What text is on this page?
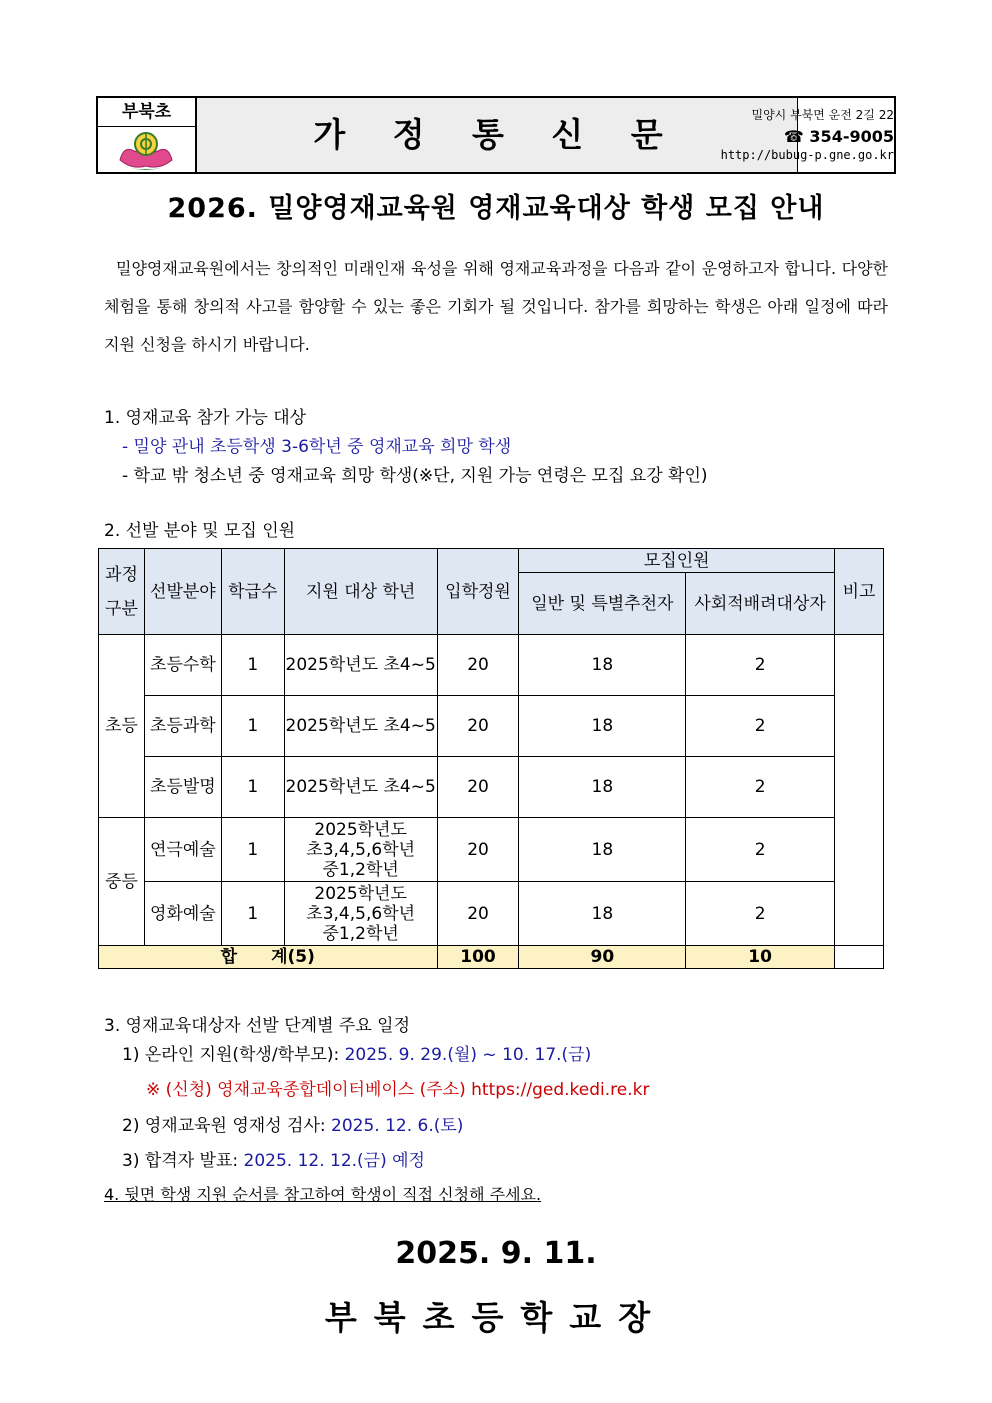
부북초
가 정 통 신 문	밀양시 부북면 운전 2길 22
☎ 354-9005
http://bubug-p.gne.go.kr
2026. 밀양영재교육원 영재교육대상 학생 모집 안내
밀양영재교육원에서는 창의적인 미래인재 육성을 위해 영재교육과정을 다음과 같이 운영하고자 합니다. 다양한 체험을 통해 창의적 사고를 함양할 수 있는 좋은 기회가 될 것입니다. 참가를 희망하는 학생은 아래 일정에 따라 지원 신청을 하시기 바랍니다.
1. 영재교육 참가 가능 대상
- 밀양 관내 초등학생 3-6학년 중 영재교육 희망 학생
- 학교 밖 청소년 중 영재교육 희망 학생(※단, 지원 가능 연령은 모집 요강 확인)
2. 선발 분야 및 모집 인원
과정구분	선발분야	학급수	지원 대상 학년	입학정원	모집인원		비고
					일반 및 특별추천자	사회적배려대상자	
초등	초등수학	1	2025학년도 초4~5	20	18	2	
	초등과학	1	2025학년도 초4~5	20	18	2	
	초등발명	1	2025학년도 초4~5	20	18	2	
중등	연극예술	1	2025학년도
초3,4,5,6학년
중1,2학년	20	18	2	
	영화예술	1	2025학년도
초3,4,5,6학년
중1,2학년	20	18	2	
합　　계(5)				100	90	10	
3. 영재교육대상자 선발 단계별 주요 일정
1) 온라인 지원(학생/학부모): 2025. 9. 29.(월) ~ 10. 17.(금)
※ (신청) 영재교육종합데이터베이스 (주소) https://ged.kedi.re.kr
2) 영재교육원 영재성 검사: 2025. 12. 6.(토)
3) 합격자 발표: 2025. 12. 12.(금) 예정
4. 뒷면 학생 지원 순서를 참고하여 학생이 직접 신청해 주세요.
2025. 9. 11.
부북초등학교장
